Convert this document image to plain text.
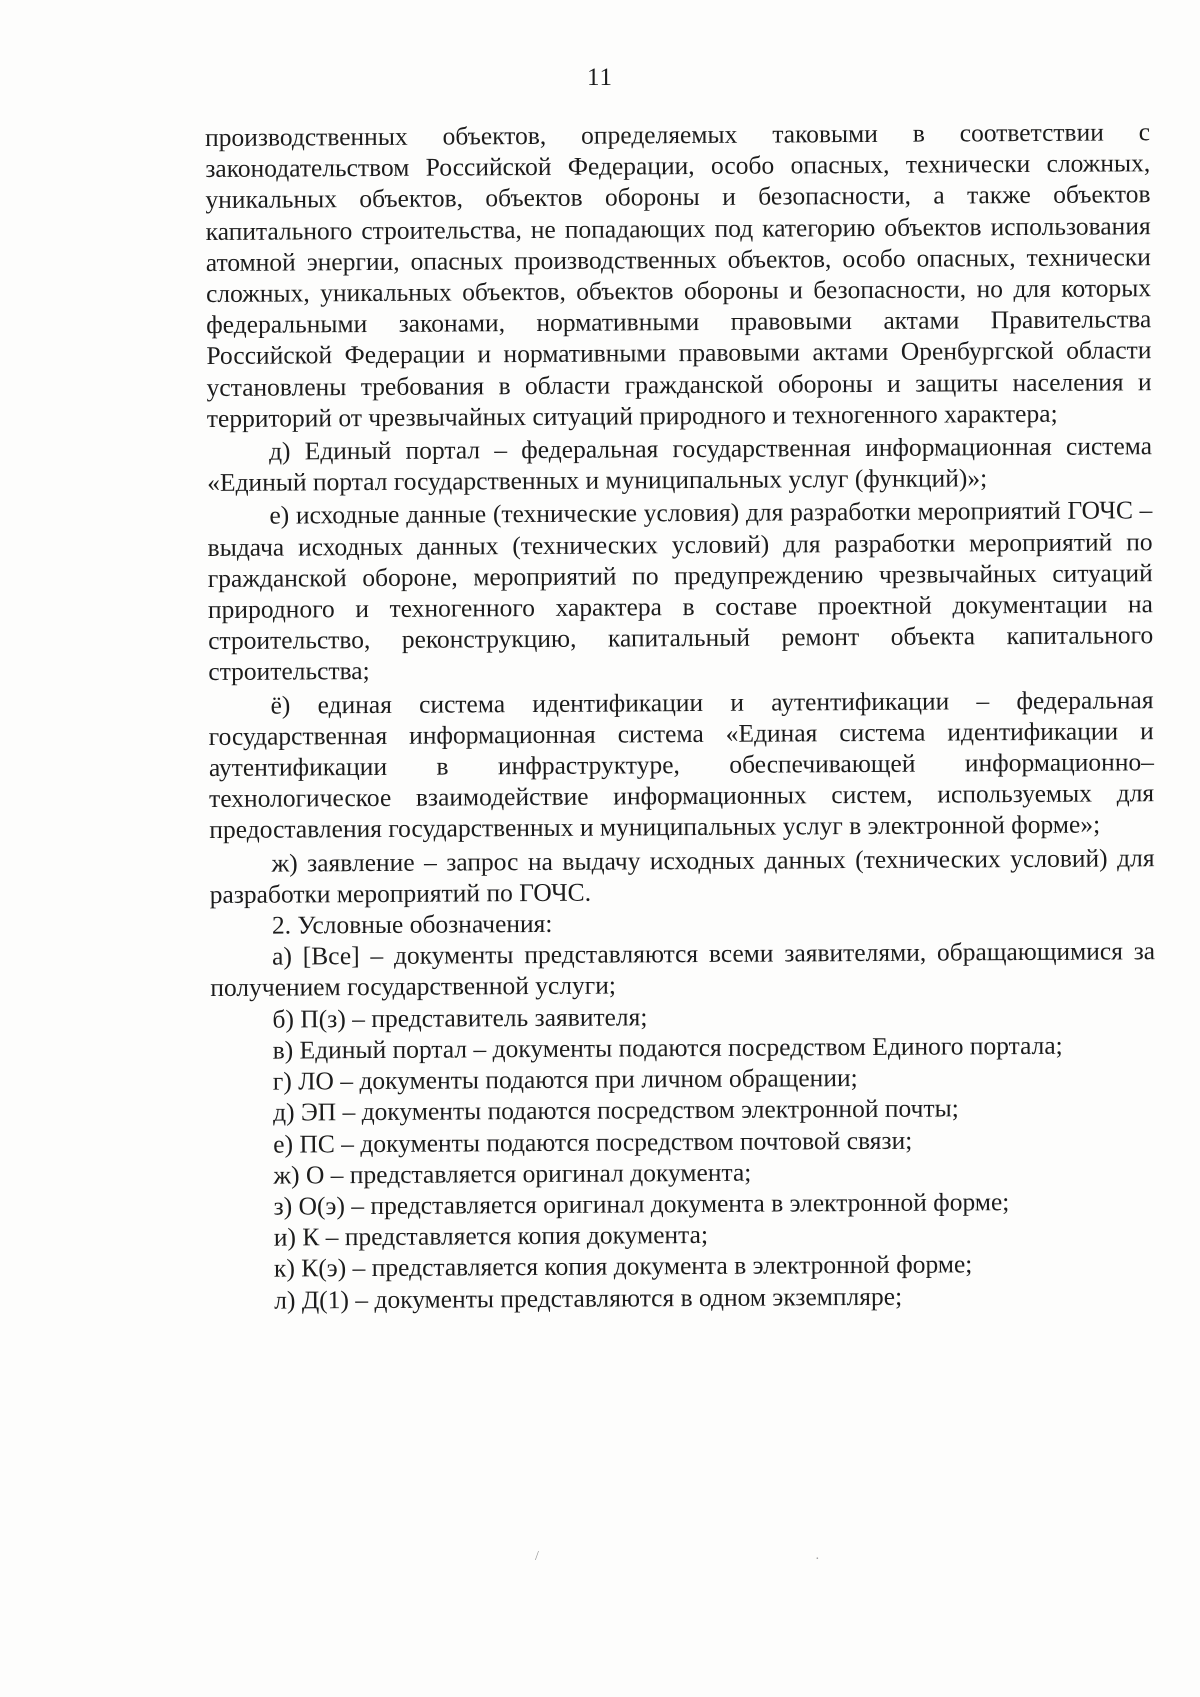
11

производственных объектов, определяемых таковыми в соответствии с законодательством Российской Федерации, особо опасных, технически сложных, уникальных объектов, объектов обороны и безопасности, а также объектов капитального строительства, не попадающих под категорию объектов использования атомной энергии, опасных производственных объектов, особо опасных, технически сложных, уникальных объектов, объектов обороны и безопасности, но для которых федеральными законами, нормативными правовыми актами Правительства Российской Федерации и нормативными правовыми актами Оренбургской области установлены требования в области гражданской обороны и защиты населения и территорий от чрезвычайных ситуаций природного и техногенного характера;

д) Единый портал – федеральная государственная информационная система «Единый портал государственных и муниципальных услуг (функций)»;

е) исходные данные (технические условия) для разработки мероприятий ГОЧС – выдача исходных данных (технических условий) для разработки мероприятий по гражданской обороне, мероприятий по предупреждению чрезвычайных ситуаций природного и техногенного характера в составе проектной документации на строительство, реконструкцию, капитальный ремонт объекта капитального строительства;

ё) единая система идентификации и аутентификации – федеральная государственная информационная система «Единая система идентификации и аутентификации в инфраструктуре, обеспечивающей информационно–технологическое взаимодействие информационных систем, используемых для предоставления государственных и муниципальных услуг в электронной форме»;

ж) заявление – запрос на выдачу исходных данных (технических условий) для разработки мероприятий по ГОЧС.

2. Условные обозначения:

а) [Все] – документы представляются всеми заявителями, обращающимися за получением государственной услуги;

б) П(з) – представитель заявителя;

в) Единый портал – документы подаются посредством Единого портала;

г) ЛО – документы подаются при личном обращении;

д) ЭП – документы подаются посредством электронной почты;

е) ПС – документы подаются посредством почтовой связи;

ж) О – представляется оригинал документа;

з) О(э) – представляется оригинал документа в электронной форме;

и) К – представляется копия документа;

к) К(э) – представляется копия документа в электронной форме;

л) Д(1) – документы представляются в одном экземпляре;

/	·
